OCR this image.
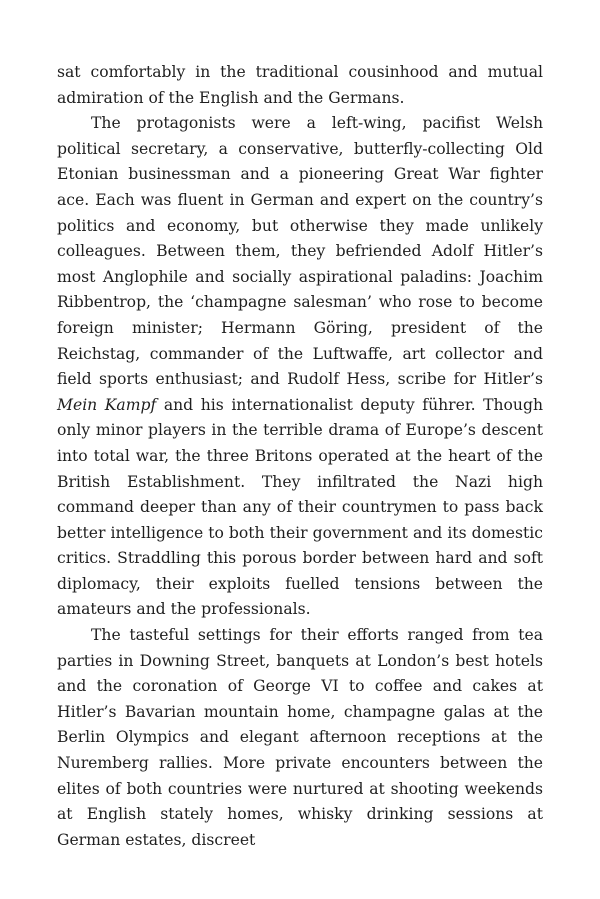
sat comfortably in the traditional cousinhood and mutual admiration of the English and the Germans.

The protagonists were a left-wing, pacifist Welsh political secretary, a conservative, butterfly-collecting Old Etonian businessman and a pioneering Great War fighter ace. Each was fluent in German and expert on the country’s politics and economy, but otherwise they made unlikely colleagues. Between them, they befriended Adolf Hitler’s most Anglophile and socially aspirational paladins: Joachim Ribbentrop, the ‘champagne salesman’ who rose to become foreign minister; Hermann Göring, president of the Reichstag, commander of the Luftwaffe, art collector and field sports enthusiast; and Rudolf Hess, scribe for Hitler’s Mein Kampf and his internationalist deputy führer. Though only minor players in the terrible drama of Europe’s descent into total war, the three Britons operated at the heart of the British Establishment. They infiltrated the Nazi high command deeper than any of their countrymen to pass back better intelligence to both their government and its domestic critics. Straddling this porous border between hard and soft diplomacy, their exploits fuelled tensions between the amateurs and the professionals.

The tasteful settings for their efforts ranged from tea parties in Downing Street, banquets at London’s best hotels and the coronation of George VI to coffee and cakes at Hitler’s Bavarian mountain home, champagne galas at the Berlin Olympics and elegant afternoon receptions at the Nuremberg rallies. More private encounters between the elites of both countries were nurtured at shooting weekends at English stately homes, whisky drinking sessions at German estates, discreet
